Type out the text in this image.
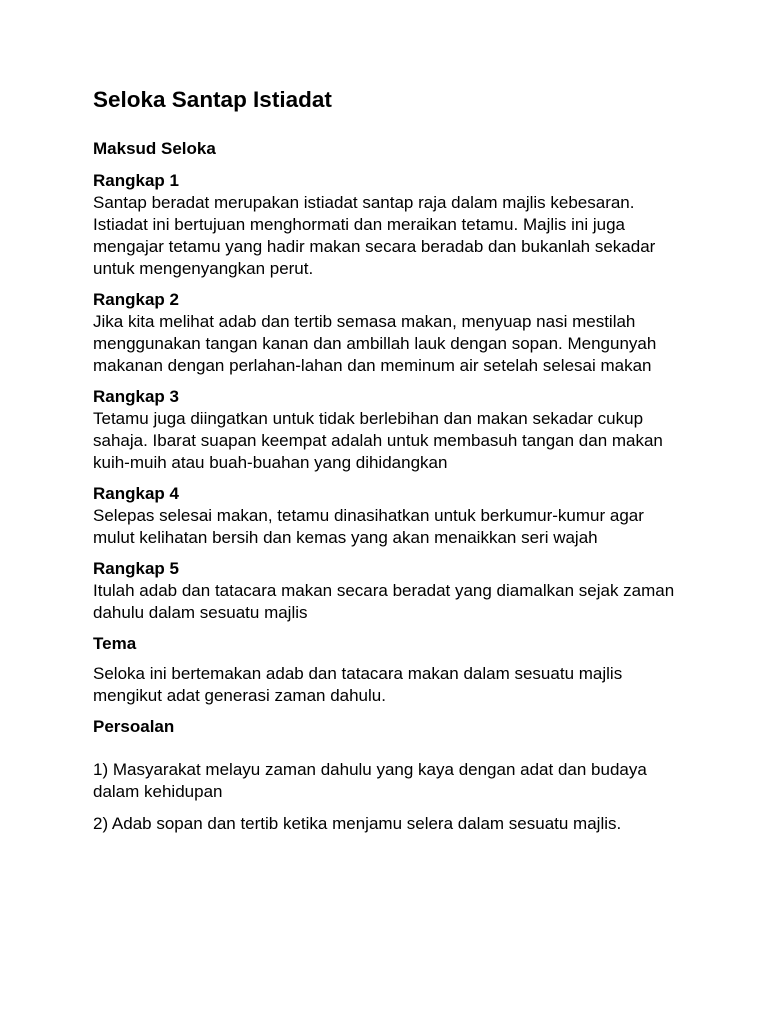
Seloka Santap Istiadat
Maksud Seloka
Rangkap 1

Santap beradat merupakan istiadat santap raja dalam majlis kebesaran. Istiadat ini bertujuan menghormati dan meraikan tetamu. Majlis ini juga mengajar tetamu yang hadir makan secara beradab dan bukanlah sekadar untuk mengenyangkan perut.

Rangkap 2

Jika kita melihat adab dan tertib semasa makan, menyuap nasi mestilah menggunakan tangan kanan dan ambillah lauk dengan sopan. Mengunyah makanan dengan perlahan-lahan dan meminum air setelah selesai makan

Rangkap 3

Tetamu juga diingatkan untuk tidak berlebihan dan makan sekadar cukup sahaja. Ibarat suapan keempat adalah untuk membasuh tangan dan makan kuih-muih atau buah-buahan yang dihidangkan

Rangkap 4

Selepas selesai makan, tetamu dinasihatkan untuk berkumur-kumur agar mulut kelihatan bersih dan kemas yang akan menaikkan seri wajah

Rangkap 5

Itulah adab dan tatacara makan secara beradat yang diamalkan sejak zaman dahulu dalam sesuatu majlis

Tema

Seloka ini bertemakan adab dan tatacara makan dalam sesuatu majlis mengikut adat generasi zaman dahulu.

Persoalan

1) Masyarakat melayu zaman dahulu yang kaya dengan adat dan budaya dalam kehidupan

2) Adab sopan dan tertib ketika menjamu selera dalam sesuatu majlis.
